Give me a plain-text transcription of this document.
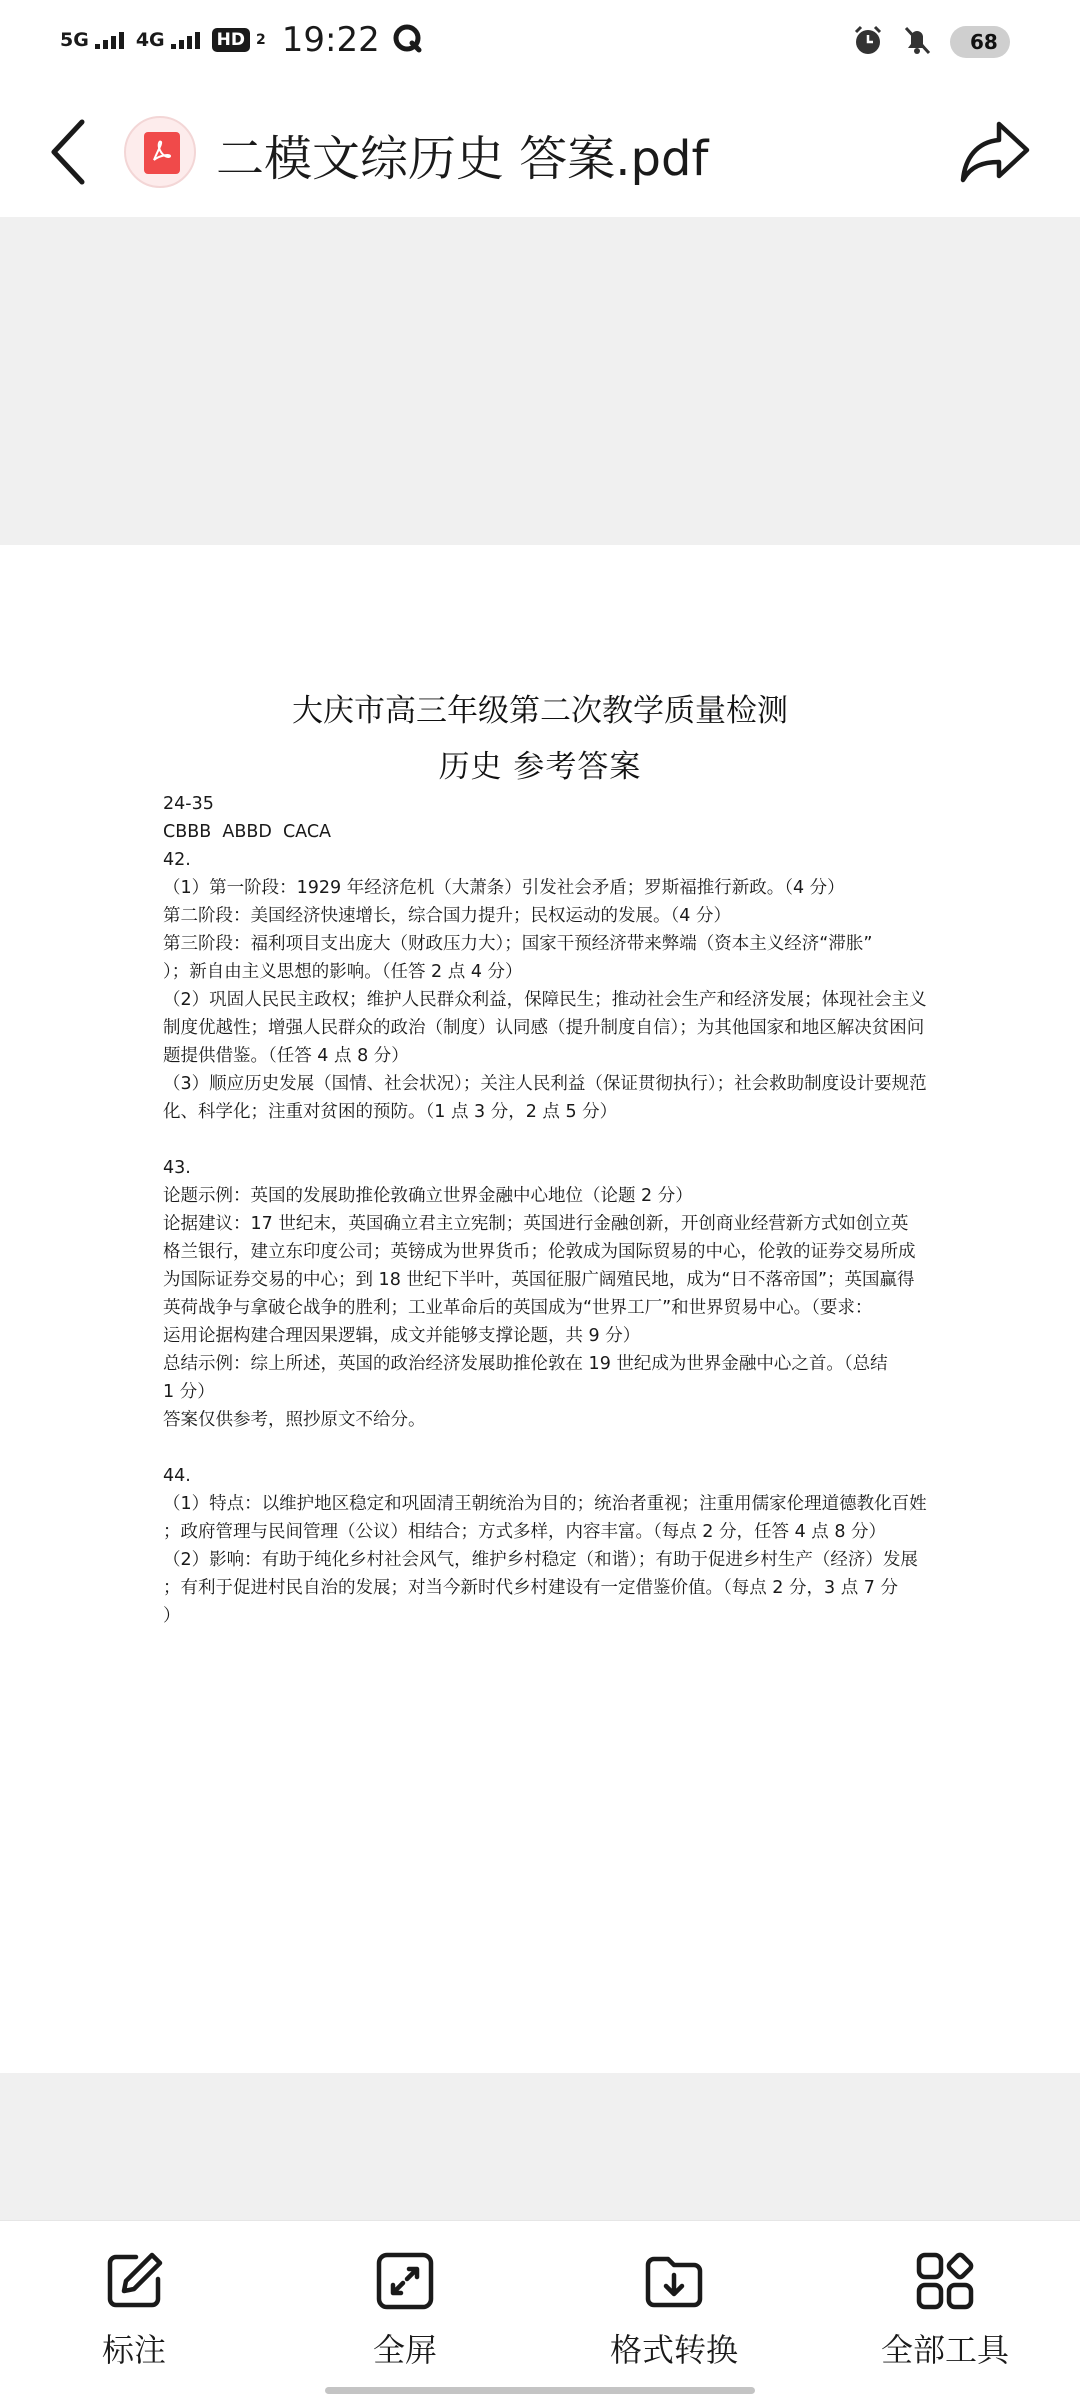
5G 4G	HD 2 19:22	68
二模文综历史 答案.pdf
大庆市高三年级第二次教学质量检测
历史 参考答案
24-35
CBBB  ABBD  CACA
42.
（1）第一阶段：1929 年经济危机（大萧条）引发社会矛盾；罗斯福推行新政。（4 分）
第二阶段：美国经济快速增长，综合国力提升；民权运动的发展。（4 分）
第三阶段：福利项目支出庞大（财政压力大）；国家干预经济带来弊端（资本主义经济“滞胀”
）；新自由主义思想的影响。（任答 2 点 4 分）
（2）巩固人民民主政权；维护人民群众利益，保障民生；推动社会生产和经济发展；体现社会主义
制度优越性；增强人民群众的政治（制度）认同感（提升制度自信）；为其他国家和地区解决贫困问
题提供借鉴。（任答 4 点 8 分）
（3）顺应历史发展（国情、社会状况）；关注人民利益（保证贯彻执行）；社会救助制度设计要规范
化、科学化；注重对贫困的预防。（1 点 3 分，2 点 5 分）
43.
论题示例：英国的发展助推伦敦确立世界金融中心地位（论题 2 分）
论据建议：17 世纪末，英国确立君主立宪制；英国进行金融创新，开创商业经营新方式如创立英
格兰银行，建立东印度公司；英镑成为世界货币；伦敦成为国际贸易的中心，伦敦的证券交易所成
为国际证券交易的中心；到 18 世纪下半叶，英国征服广阔殖民地，成为“日不落帝国”；英国赢得
英荷战争与拿破仑战争的胜利；工业革命后的英国成为“世界工厂”和世界贸易中心。（要求：
运用论据构建合理因果逻辑，成文并能够支撑论题，共 9 分）
总结示例：综上所述，英国的政治经济发展助推伦敦在 19 世纪成为世界金融中心之首。（总结
1 分）
答案仅供参考，照抄原文不给分。
44.
（1）特点：以维护地区稳定和巩固清王朝统治为目的；统治者重视；注重用儒家伦理道德教化百姓
；政府管理与民间管理（公议）相结合；方式多样，内容丰富。（每点 2 分，任答 4 点 8 分）
（2）影响：有助于纯化乡村社会风气，维护乡村稳定（和谐）；有助于促进乡村生产（经济）发展
；有利于促进村民自治的发展；对当今新时代乡村建设有一定借鉴价值。（每点 2 分，3 点 7 分
）
标注	全屏	格式转换	全部工具
